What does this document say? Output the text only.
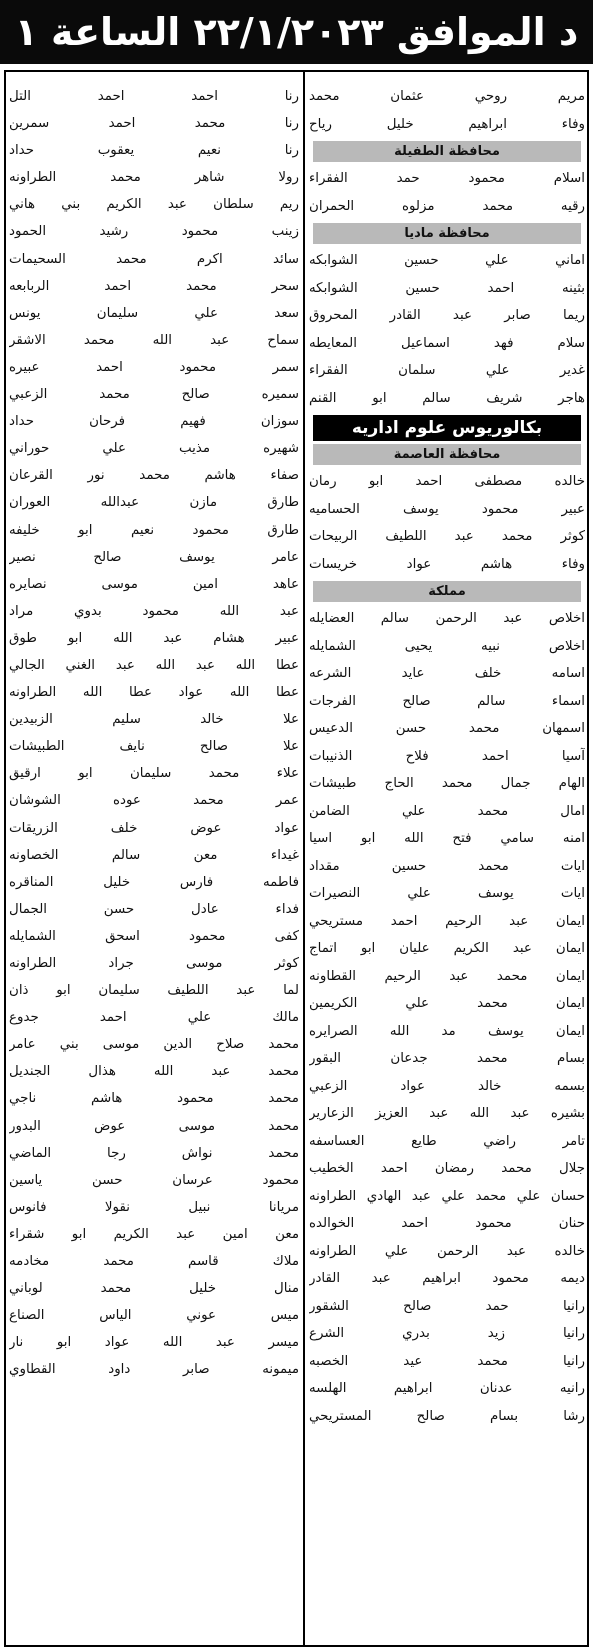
د الموافق ٢٢/١/٢٠٢٣ الساعة ١
مريم روحي عثمان محمد
وفاء ابراهيم خليل رياح
محافظة الطفيلة
اسلام محمود حمد الفقراء
رقيه محمد مزلوه الحمران
محافظة ماديا
اماني علي حسين الشوابكه
بثينه احمد حسين الشوابكه
ريما صابر عبد القادر المحروق
سلام فهد اسماعيل المعايطه
غدير علي سلمان الفقراء
هاجر شريف سالم ابو القنم
بكالوريوس علوم اداريه
محافظة العاصمة
خالده مصطفى احمد ابو رمان
عبير محمود يوسف الحساميه
كوثر محمد عبد اللطيف الربيحات
وفاء هاشم عواد خريسات
مملكة
اخلاص عبد الرحمن سالم العضايله
اخلاص نبيه يحيى الشمايله
اسامه خلف عايد الشرعه
اسماء سالم صالح الفرجات
اسمهان محمد حسن الدعيس
آسيا احمد فلاح الذنيبات
الهام جمال محمد الحاج طبيشات
امال محمد علي الضامن
امنه سامي فتح الله ابو اسيا
ايات محمد حسين مقداد
ايات يوسف علي النصيرات
ايمان عبد الرحيم احمد مستريحي
ايمان عبد الكريم عليان ابو اتماج
ايمان محمد عبد الرحيم القطاونه
ايمان محمد علي الكريمين
ايمان يوسف مد الله الصرايره
بسام محمد جدعان البقور
بسمه خالد عواد الزعبي
بشيره عبد الله عبد العزيز الزعارير
تامر راضي طايع العساسفه
جلال محمد رمضان احمد الخطيب
حسان علي محمد علي عبد الهادي الطراونه
حنان محمود احمد الخوالده
خالده عبد الرحمن علي الطراونه
ديمه محمود ابراهيم عبد القادر
رانيا حمد صالح الشقور
رانيا زيد بدري الشرع
رانيا محمد عيد الخصبه
رانيه عدنان ابراهيم الهلسه
رشا بسام صالح المستريحي
رنا احمد احمد التل
رنا محمد احمد سمرين
رنا نعيم يعقوب حداد
رولا شاهر محمد الطراونه
ريم سلطان عبد الكريم بني هاني
زينب محمود رشيد الحمود
سائد اكرم محمد السحيمات
سحر محمد احمد الربابعه
سعد علي سليمان يونس
سماح عبد الله محمد الاشقر
سمر محمود احمد عبيره
سميره صالح محمد الزعبي
سوزان فهيم فرحان حداد
شهيره مذيب علي حوراني
صفاء هاشم محمد نور القرعان
طارق مازن عبدالله العوران
طارق محمود نعيم ابو خليفه
عامر يوسف صالح نصير
عاهد امين موسى نصايره
عبد الله محمود بدوي مراد
عبير هشام عبد الله ابو طوق
عطا الله عبد الله عبد الغني الجالي
عطا الله عواد عطا الله الطراونه
علا خالد سليم الزبيدين
علا صالح نايف الطبيشات
علاء محمد سليمان ابو ارقيق
عمر محمد عوده الشوشان
عواد عوض خلف الزريقات
غيداء معن سالم الخصاونه
فاطمه فارس خليل المناقره
فداء عادل حسن الجمال
كفى محمود اسحق الشمايله
كوثر موسى جراد الطراونه
لما عبد اللطيف سليمان ابو ذان
مالك علي احمد جدوع
محمد صلاح الدين موسى بني عامر
محمد عبد الله هذال الجنديل
محمد محمود هاشم ناجي
محمد موسى عوض البدور
محمد نواش رجا الماضي
محمود عرسان حسن ياسين
مريانا نبيل نقولا فانوس
معن امين عبد الكريم ابو شقراء
ملاك قاسم محمد مخادمه
منال خليل محمد لوباني
ميس عوني الياس الصناع
ميسر عبد الله عواد ابو نار
ميمونه صابر داود القطاوي
